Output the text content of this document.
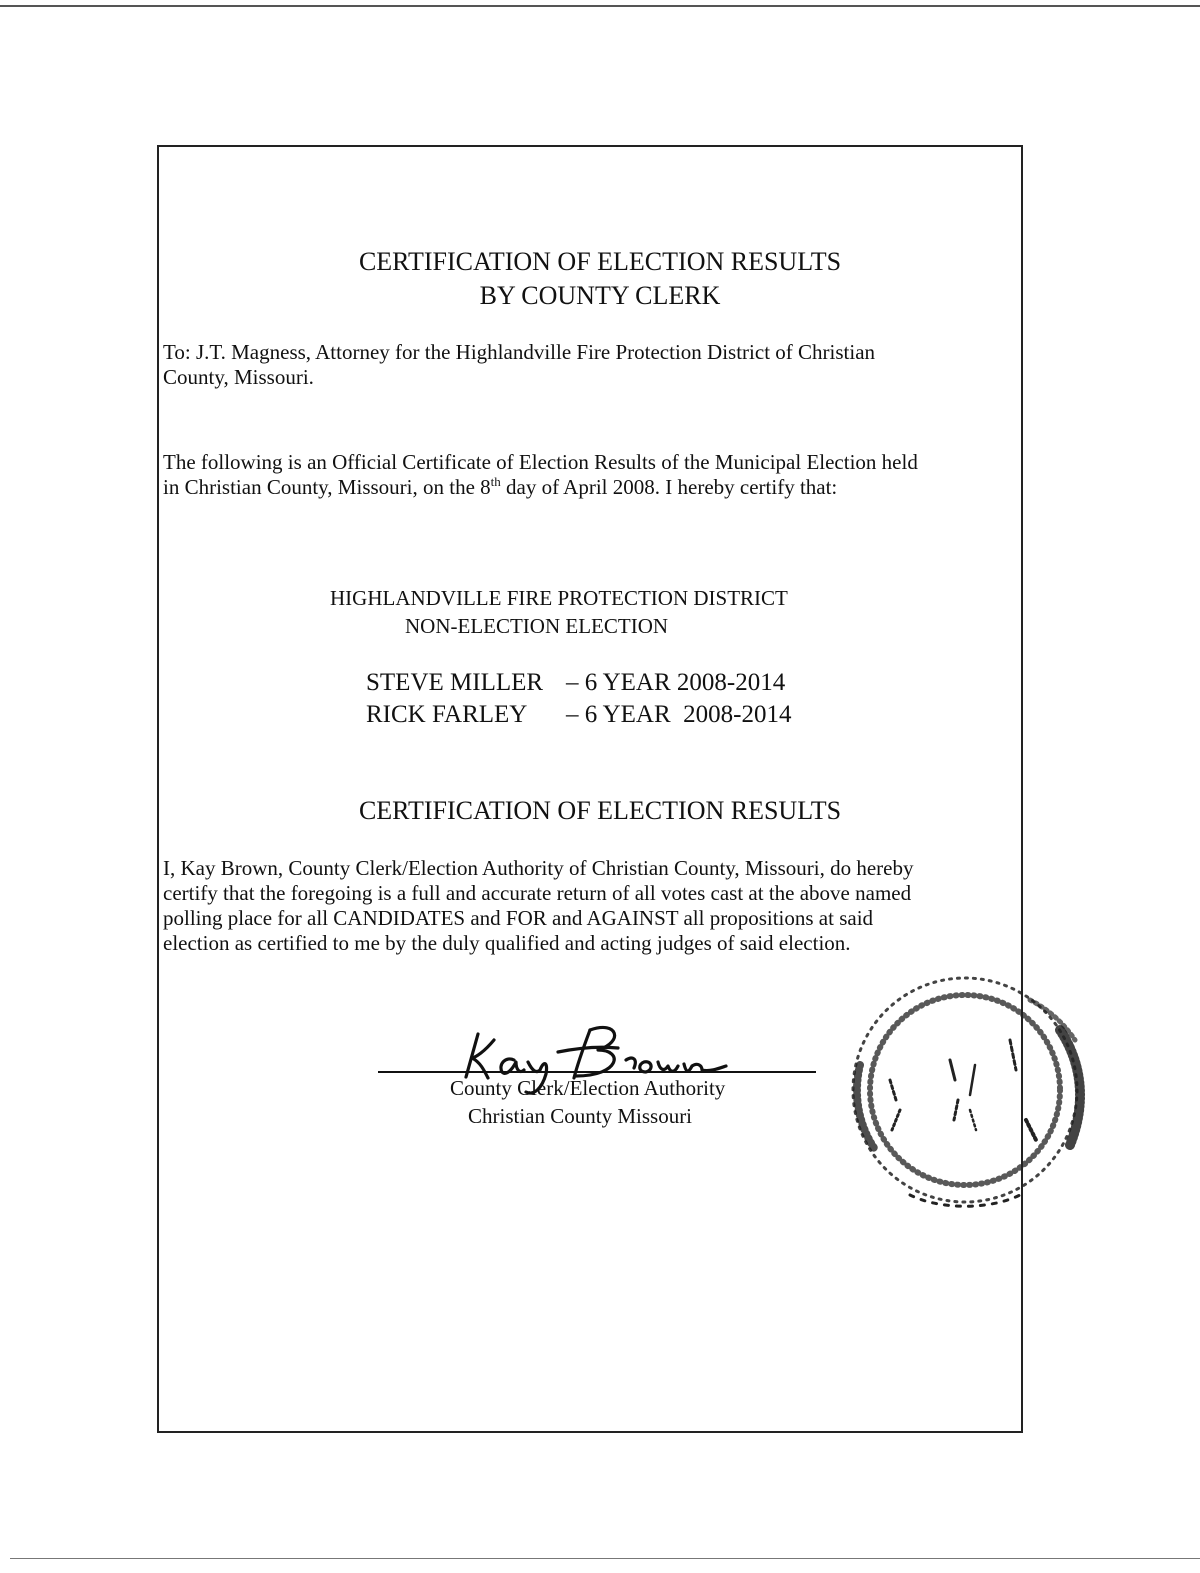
CERTIFICATION OF ELECTION RESULTS
BY COUNTY CLERK
To: J.T. Magness, Attorney for the Highlandville Fire Protection District of Christian
County, Missouri.
The following is an Official Certificate of Election Results of the Municipal Election held
in Christian County, Missouri, on the 8th day of April 2008. I hereby certify that:
HIGHLANDVILLE FIRE PROTECTION DISTRICT
NON-ELECTION ELECTION
STEVE MILLER – 6 YEAR 2008-2014
RICK FARLEY – 6 YEAR  2008-2014
CERTIFICATION OF ELECTION RESULTS
I, Kay Brown, County Clerk/Election Authority of Christian County, Missouri, do hereby
certify that the foregoing is a full and accurate return of all votes cast at the above named
polling place for all CANDIDATES and FOR and AGAINST all propositions at said
election as certified to me by the duly qualified and acting judges of said election.
County Clerk/Election Authority
Christian County Missouri
